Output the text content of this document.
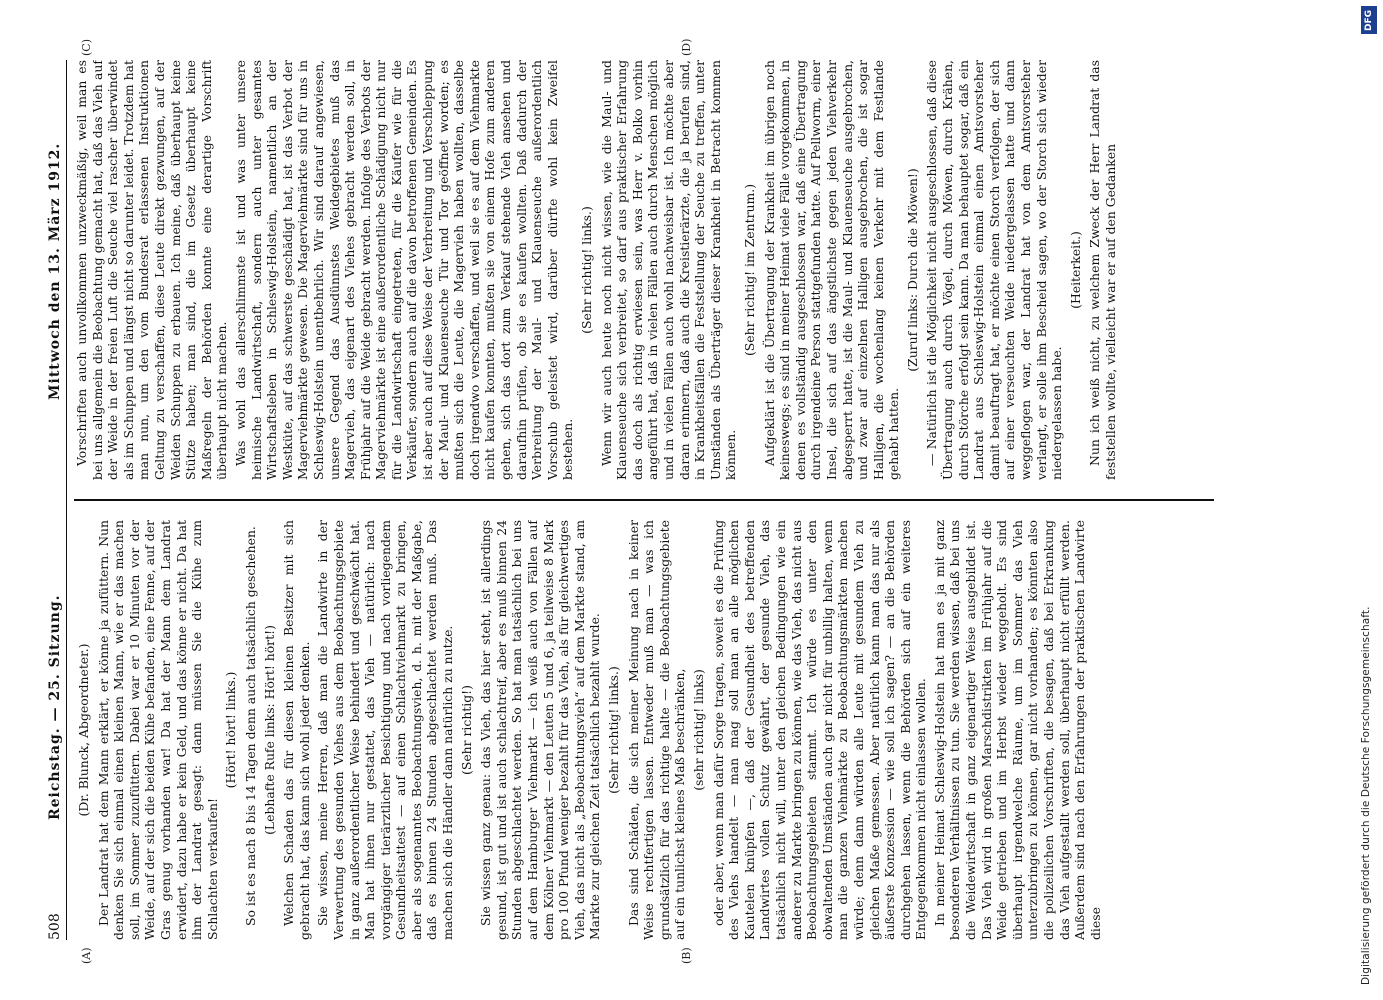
508
Reichstag. — 25. Sitzung.
Mittwoch den 13. März 1912.
(A)	(B)
(C)	(D)

(Dr. Blunck, Abgeordneter.) Der Landrat hat dem Mann erklärt, er könne ja zufüttern. Nun denken Sie sich einmal einen kleinen Mann, wie er das machen soll, im Sommer zuzufüttern. Dabei war er 10 Minuten vor der Weide, auf der sich die beiden Kühe befanden, eine Fenne, auf der Gras genug vorhanden war! Da hat der Mann dem Landrat erwidert, dazu habe er kein Geld, und das könne er nicht. Da hat ihm der Landrat gesagt: dann müssen Sie die Kühe zum Schlachten verkaufen!

(Hört! hört! links.) So ist es nach 8 bis 14 Tagen denn auch tatsächlich geschehen. (Lebhafte Rufe links: Hört! hört!) Welchen Schaden das für diesen kleinen Besitzer mit sich gebracht hat, das kann sich wohl jeder denken. Sie wissen, meine Herren, daß man die Landwirte in der Verwertung des gesunden Viehes aus dem Beobachtungsgebiete in ganz außerordentlicher Weise behindert und geschwächt hat. Man hat ihnen nur gestattet, das Vieh — natürlich: nach vorgängiger tierärztlicher Besichtigung und nach vorliegendem Gesundheitsattest — auf einen Schlachtviehmarkt zu bringen, aber als sogenanntes Beobachtungsvieh, d. h. mit der Maßgabe, daß es binnen 24 Stunden abgeschlachtet werden muß. Das machen sich die Händler dann natürlich zu nutze. (Sehr richtig!) Sie wissen ganz genau: das Vieh, das hier steht, ist allerdings gesund, ist gut und ist auch schlachtreif, aber es muß binnen 24 Stunden abgeschlachtet werden. So hat man tatsächlich bei uns auf dem Hamburger Viehmarkt — ich weiß auch von Fällen auf dem Kölner Viehmarkt — den Leuten 5 und 6, ja teilweise 8 Mark pro 100 Pfund weniger bezahlt für das Vieh, als für gleichwertiges Vieh, das nicht als „Beobachtungsvieh“ auf dem Markte stand, am Markte zur gleichen Zeit tatsächlich bezahlt wurde. (Sehr richtig! links.) Das sind Schäden, die sich meiner Meinung nach in keiner Weise rechtfertigen lassen. Entweder muß man — was ich grundsätzlich für das richtige halte — die Beobachtungsgebiete auf ein tunlichst kleines Maß beschränken, (sehr richtig! links) oder aber, wenn man dafür Sorge tragen, soweit es die Prüfung des Viehs handelt — man mag soll man an alle möglichen Kautelen knüpfen —, daß der Gesundheit des betreffenden Landwirtes vollen Schutz gewährt, der gesunde Vieh, das tatsächlich nicht will, unter den gleichen Bedingungen wie ein anderer zu Markte bringen zu können, wie das Vieh, das nicht aus Beobachtungsgebieten stammt. Ich würde es unter den obwaltenden Umständen auch gar nicht für unbillig halten, wenn man die ganzen Viehmärkte zu Beobachtungsmärkten machen würde; denn dann würden alle Leute mit gesundem Vieh zu gleichen Maße gemessen. Aber natürlich kann man das nur als äußerste Konzession — wie soll ich sagen? — an die Behörden durchgehen lassen, wenn die Behörden sich auf ein weiteres Entgegenkommen nicht einlassen wollen. In meiner Heimat Schleswig-Holstein hat man es ja mit ganz besonderen Verhältnissen zu tun. Sie werden wissen, daß bei uns die Weidewirtschaft in ganz eigenartiger Weise ausgebildet ist. Das Vieh wird in großen Marschdistrikten im Frühjahr auf die Weide getrieben und im Herbst wieder weggeholt. Es sind überhaupt irgendwelche Räume, um im Sommer das Vieh unterzubringen zu können, gar nicht vorhanden; es könnten also die polizeilichen Vorschriften, die besagen, daß bei Erkrankung das Vieh aufgestallt werden soll, überhaupt nicht erfüllt werden. Außerdem sind nach den Erfahrungen der praktischen Landwirte diese

Vorschriften auch unvollkommen unzweckmäßig, weil man es bei uns allgemein die Beobachtung gemacht hat, daß das Vieh auf der Weide in der freien Luft die Seuche viel rascher überwindet als im Schuppen und längst nicht so darunter leidet. Trotzdem hat man nun, um den vom Bundesrat erlassenen Instruktionen Geltung zu verschaffen, diese Leute direkt gezwungen, auf der Weiden Schuppen zu erbauen. Ich meine, daß überhaupt keine Stütze haben; man sind, die im Gesetz überhaupt keine Maßregeln der Behörden konnte eine derartige Vorschrift überhaupt nicht machen. Was wohl das allerschlimmste ist und was unter unsere heimische Landwirtschaft, sondern auch unter gesamtes Wirtschaftsleben in Schleswig-Holstein, namentlich an der Westküte, auf das schwerste geschädigt hat, ist das Verbot der Magerviehmärkte gewesen. Die Magerviehmärkte sind für uns in Schleswig-Holstein unentbehrlich. Wir sind darauf angewiesen, unsere Gegend das Ausdünnstes Weidegebietes muß das Magervieh, das eigenart des Viehes gebracht werden soll, in Frühjahr auf die Weide gebracht werden. Infolge des Verbots der Magerviehmärkte ist eine außerordentliche Schädigung nicht nur für die Landwirtschaft eingetreten, für die Käufer wie für die Verkäufer, sondern auch auf die davon betroffenen Gemeinden. Es ist aber auch auf diese Weise der Verbreitung und Verschleppung der Maul- und Klauenseuche Tür und Tor geöffnet worden; es mußten sich die Leute, die Magervieh haben wollten, dasselbe doch irgendwo verschaffen, und weil sie es auf dem Viehmarkte nicht kaufen konnten, mußten sie von einem Hofe zum anderen gehen, sich das dort zum Verkauf stehende Vieh ansehen und daraufhin prüfen, ob sie es kaufen wollten. Daß dadurch der Verbreitung der Maul- und Klauenseuche außerordentlich Vorschub geleistet wird, darüber dürfte wohl kein Zweifel bestehen.

(Sehr richtig! links.) Wenn wir auch heute noch nicht wissen, wie die Maul- und Klauenseuche sich verbreitet, so darf aus praktischer Erfahrung das doch als richtig erwiesen sein, was Herr v. Bolko vorhin angeführt hat, daß in vielen Fällen auch durch Menschen möglich und in vielen Fällen auch wohl nachweisbar ist. Ich möchte aber daran erinnern, daß auch die Kreistierärzte, die ja berufen sind, in Krankheitsfällen die Feststellung der Seuche zu treffen, unter Umständen als Überträger dieser Krankheit in Betracht kommen können.

(Sehr richtig! im Zentrum.) Aufgeklärt ist die Übertragung der Krankheit im übrigen noch keineswegs; es sind in meiner Heimat viele Fälle vorgekommen, in denen es vollständig ausgeschlossen war, daß eine Übertragung durch irgendeine Person stattgefunden hatte. Auf Pellworm, einer Insel, die sich auf das ängstlichste gegen jeden Viehverkehr abgesperrt hatte, ist die Maul- und Klauenseuche ausgebrochen, und zwar auf einzelnen Halligen ausgebrochen, die ist sogar Halligen, die wochenlang keinen Verkehr mit dem Festlande gehabt hatten.

(Zuruf links: Durch die Möwen!) — Natürlich ist die Möglichkeit nicht ausgeschlossen, daß diese Übertragung auch durch Vögel, durch Möwen, durch Krähen, durch Störche erfolgt sein kann. Da man behauptet sogar, daß ein Landrat aus Schleswig-Holstein einmal einen Amtsvorsteher damit beauftragt hat, er möchte einen Storch verfolgen, der sich auf einer verseuchten Weide niedergelassen hatte und dann weggeflogen war, der Landrat hat von dem Amtsvorsteher verlangt, er solle ihm Bescheid sagen, wo der Storch sich wieder niedergelassen habe.

(Heiterkeit.) Nun ich weiß nicht, zu welchem Zweck der Herr Landrat das feststellen wollte, vielleicht war er auf den Gedanken

Digitalisierung gefördert durch die Deutsche Forschungsgemeinschaft.
DFG
